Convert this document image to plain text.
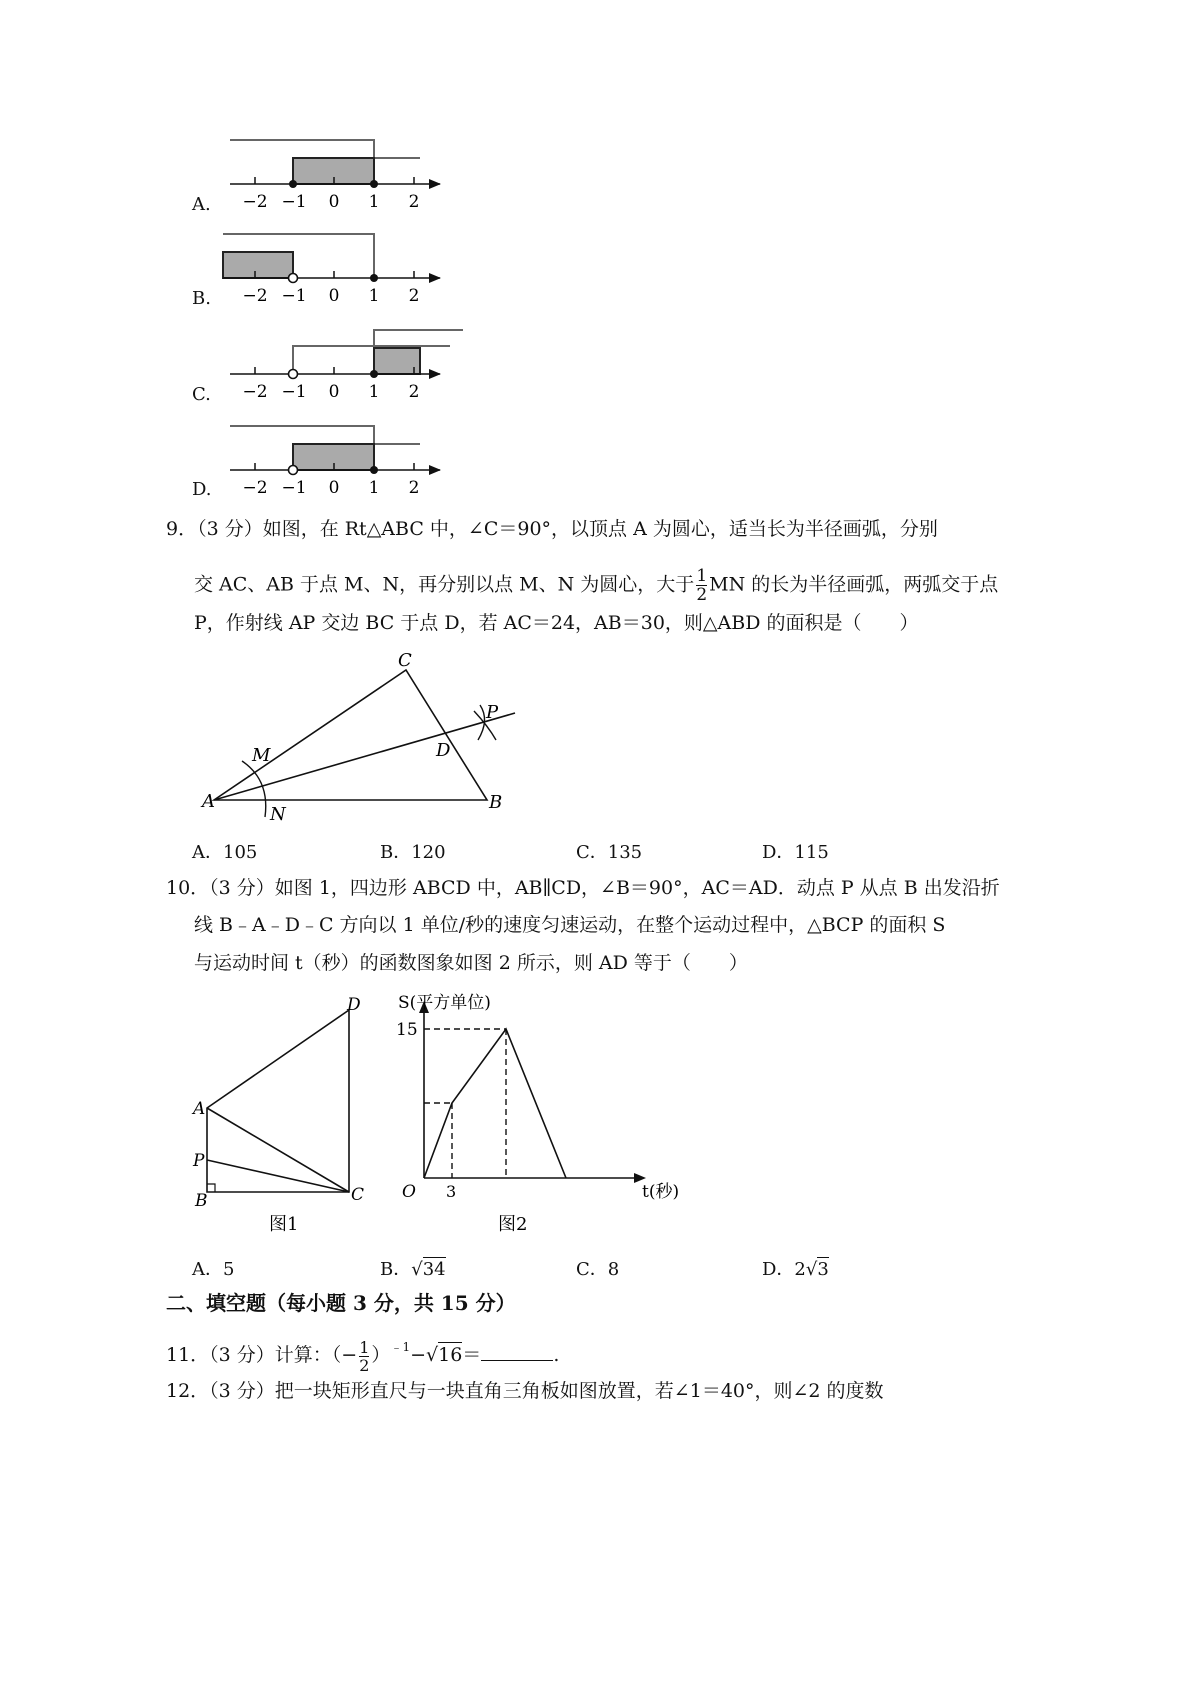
A.
B.
C.
D.
−2 −1 0 1 2
−2 −1 0 1 2
−2 −1 0 1 2
−2 −1 0 1 2
9．（3 分）如图，在 Rt△ABC 中，∠C＝90°，以顶点 A 为圆心，适当长为半径画弧，分别
交 AC、AB 于点 M、N，再分别以点 M、N 为圆心，大于 $\frac{1}{2}$ MN 的长为半径画弧，两弧交于点
P，作射线 AP 交边 BC 于点 D，若 AC＝24，AB＝30，则△ABD 的面积是（　　）
A	B
C
D
M
N
P
A．105	B．120	C．135	D．115
10．（3 分）如图 1，四边形 ABCD 中，AB∥CD，∠B＝90°，AC＝AD．动点 P 从点 B 出发沿折
线 B﹣A﹣D﹣C 方向以 1 单位/秒的速度匀速运动，在整个运动过程中，△BCP 的面积 S
与运动时间 t（秒）的函数图象如图 2 所示，则 AD 等于（　　）
A
B	C
D
P
图1
S(平方单位)
15
O 3	t(秒)
图2
A．5	B．√34	C．8	D．2√3
二、填空题（每小题 3 分，共 15 分）
11．（3 分）计算：（− $\frac{1}{2} )^{﹣1}-√16=$	.
12．（3 分）把一块矩形直尺与一块直角三角板如图放置，若∠1＝40°，则∠2 的度数
